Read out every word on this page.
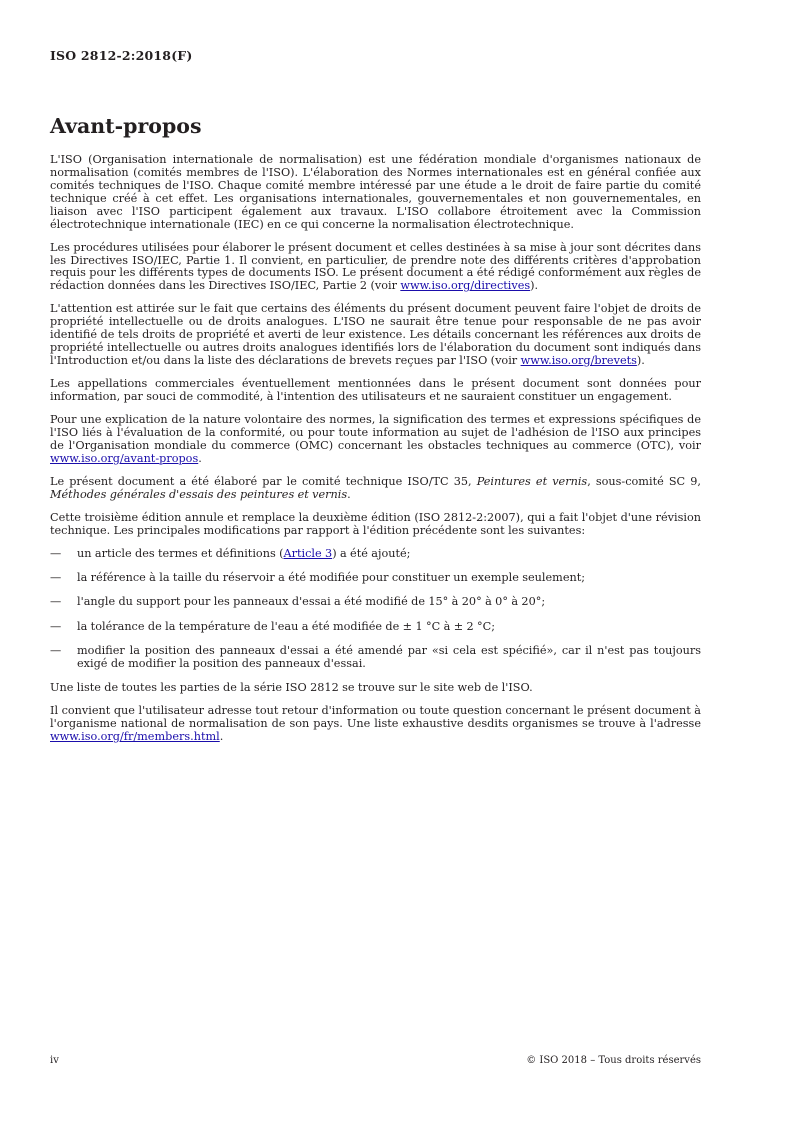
ISO 2812-2:2018(F)
Avant-propos

L'ISO (Organisation internationale de normalisation) est une fédération mondiale d'organismes nationaux de normalisation (comités membres de l'ISO). L'élaboration des Normes internationales est en général confiée aux comités techniques de l'ISO. Chaque comité membre intéressé par une étude a le droit de faire partie du comité technique créé à cet effet. Les organisations internationales, gouvernementales et non gouvernementales, en liaison avec l'ISO participent également aux travaux. L'ISO collabore étroitement avec la Commission électrotechnique internationale (IEC) en ce qui concerne la normalisation électrotechnique.

Les procédures utilisées pour élaborer le présent document et celles destinées à sa mise à jour sont décrites dans les Directives ISO/IEC, Partie 1. Il convient, en particulier, de prendre note des différents critères d'approbation requis pour les différents types de documents ISO. Le présent document a été rédigé conformément aux règles de rédaction données dans les Directives ISO/IEC, Partie 2 (voir www.iso.org/directives).

L'attention est attirée sur le fait que certains des éléments du présent document peuvent faire l'objet de droits de propriété intellectuelle ou de droits analogues. L'ISO ne saurait être tenue pour responsable de ne pas avoir identifié de tels droits de propriété et averti de leur existence. Les détails concernant les références aux droits de propriété intellectuelle ou autres droits analogues identifiés lors de l'élaboration du document sont indiqués dans l'Introduction et/ou dans la liste des déclarations de brevets reçues par l'ISO (voir www.iso.org/brevets).

Les appellations commerciales éventuellement mentionnées dans le présent document sont données pour information, par souci de commodité, à l'intention des utilisateurs et ne sauraient constituer un engagement.

Pour une explication de la nature volontaire des normes, la signification des termes et expressions spécifiques de l'ISO liés à l'évaluation de la conformité, ou pour toute information au sujet de l'adhésion de l'ISO aux principes de l'Organisation mondiale du commerce (OMC) concernant les obstacles techniques au commerce (OTC), voir www.iso.org/avant-propos.

Le présent document a été élaboré par le comité technique ISO/TC 35, Peintures et vernis, sous-comité SC 9, Méthodes générales d'essais des peintures et vernis.

Cette troisième édition annule et remplace la deuxième édition (ISO 2812-2:2007), qui a fait l'objet d'une révision technique. Les principales modifications par rapport à l'édition précédente sont les suivantes:

— un article des termes et définitions (Article 3) a été ajouté;
— la référence à la taille du réservoir a été modifiée pour constituer un exemple seulement;
— l'angle du support pour les panneaux d'essai a été modifié de 15° à 20° à 0° à 20°;
— la tolérance de la température de l'eau a été modifiée de ± 1 °C à ± 2 °C;
— modifier la position des panneaux d'essai a été amendé par «si cela est spécifié», car il n'est pas toujours exigé de modifier la position des panneaux d'essai.

Une liste de toutes les parties de la série ISO 2812 se trouve sur le site web de l'ISO.

Il convient que l'utilisateur adresse tout retour d'information ou toute question concernant le présent document à l'organisme national de normalisation de son pays. Une liste exhaustive desdits organismes se trouve à l'adresse www.iso.org/fr/members.html.

iv	© ISO 2018 – Tous droits réservés
